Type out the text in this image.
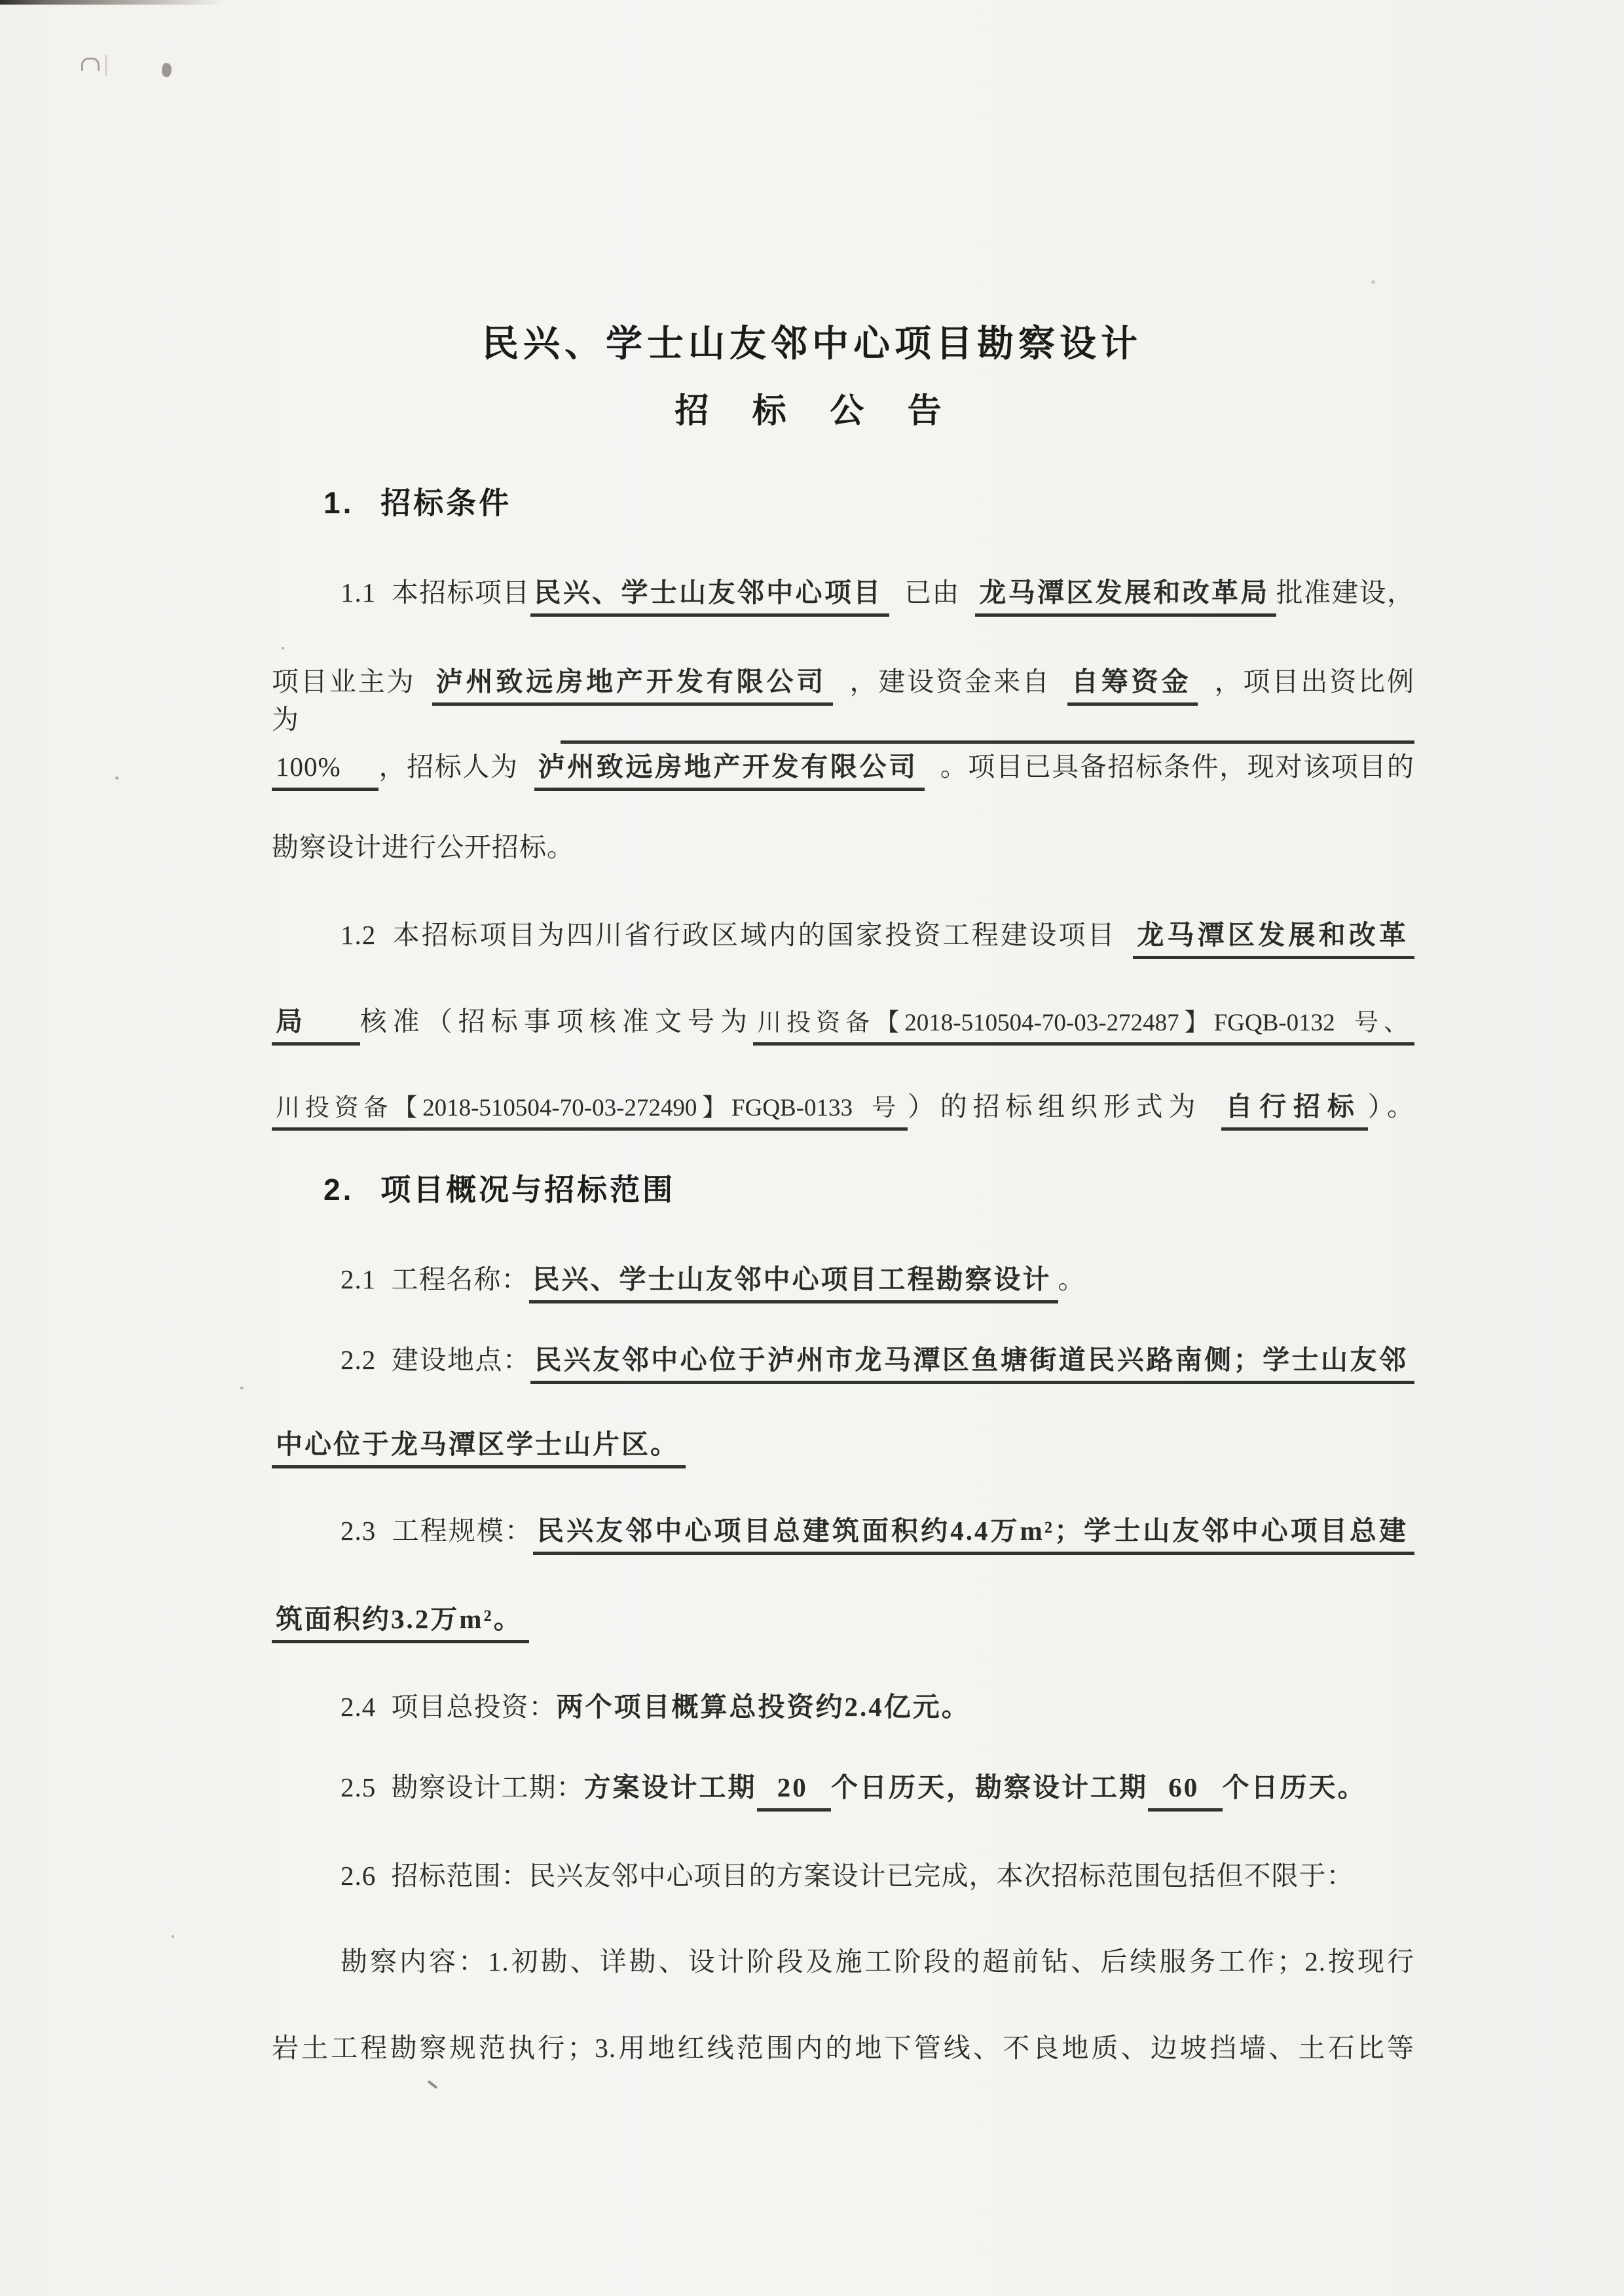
民兴、学士山友邻中心项目勘察设计
招 标 公 告
1. 招标条件
1.1 本招标项目 民兴、学士山友邻中心项目 已由 龙马潭区发展和改革局 批准建设，
项目业主为 泸州致远房地产开发有限公司 ，建设资金来自 自筹资金 ，项目出资比例为
100%  ，招标人为 泸州致远房地产开发有限公司 。项目已具备招标条件，现对该项目的
勘察设计进行公开招标。
1.2 本招标项目为四川省行政区域内的国家投资工程建设项目 龙马潭区发展和改革
局  核准（招标事项核准文号为 川投资备【2018-510504-70-03-272487】FGQB-0132 号、
川投资备【2018-510504-70-03-272490】FGQB-0133 号 ）的招标组织形式为 自行招标 ）。
2. 项目概况与招标范围
2.1 工程名称： 民兴、学士山友邻中心项目工程勘察设计 。
2.2 建设地点： 民兴友邻中心位于泸州市龙马潭区鱼塘街道民兴路南侧；学士山友邻
中心位于龙马潭区学士山片区。
2.3 工程规模： 民兴友邻中心项目总建筑面积约4.4万m²；学士山友邻中心项目总建
筑面积约3.2万m²。
2.4 项目总投资：两个项目概算总投资约2.4亿元。
2.5 勘察设计工期：方案设计工期 20 个日历天，勘察设计工期 60 个日历天。
2.6 招标范围：民兴友邻中心项目的方案设计已完成，本次招标范围包括但不限于：
勘察内容：1.初勘、详勘、设计阶段及施工阶段的超前钻、后续服务工作；2.按现行
岩土工程勘察规范执行；3.用地红线范围内的地下管线、不良地质、边坡挡墙、土石比等
